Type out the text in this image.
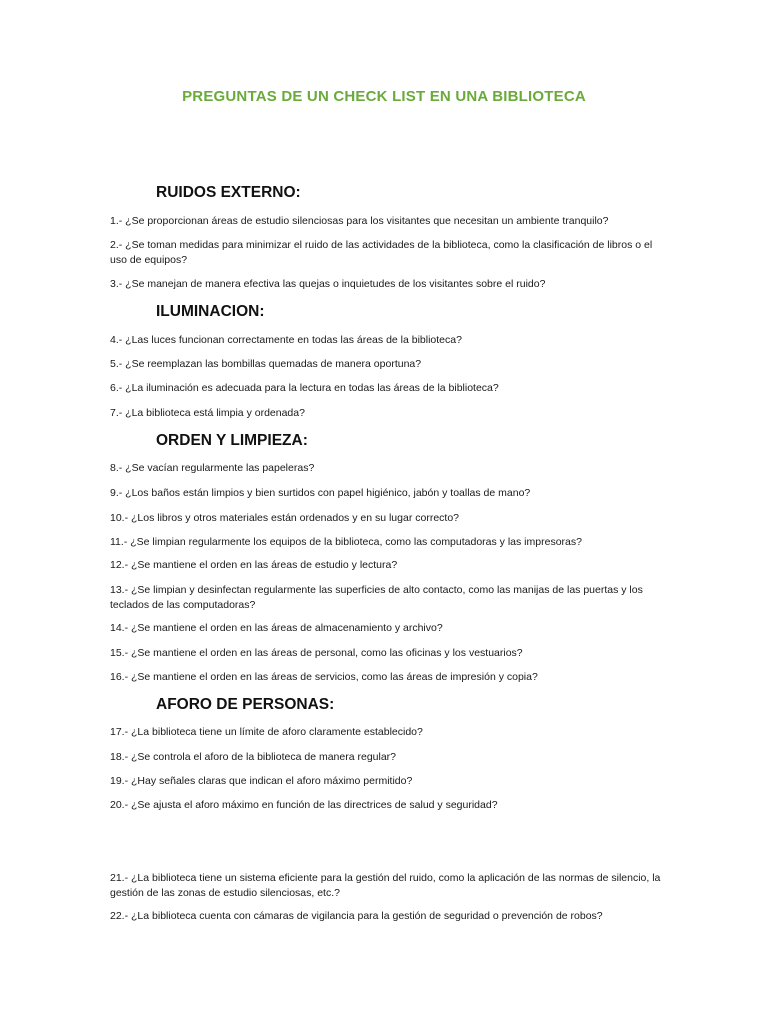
PREGUNTAS DE UN CHECK LIST EN UNA BIBLIOTECA
RUIDOS EXTERNO:
1.- ¿Se proporcionan áreas de estudio silenciosas para los visitantes que necesitan un ambiente tranquilo?
2.- ¿Se toman medidas para minimizar el ruido de las actividades de la biblioteca, como la clasificación de libros o el uso de equipos?
3.- ¿Se manejan de manera efectiva las quejas o inquietudes de los visitantes sobre el ruido?
ILUMINACION:
4.- ¿Las luces funcionan correctamente en todas las áreas de la biblioteca?
5.- ¿Se reemplazan las bombillas quemadas de manera oportuna?
6.- ¿La iluminación es adecuada para la lectura en todas las áreas de la biblioteca?
7.- ¿La biblioteca está limpia y ordenada?
ORDEN Y LIMPIEZA:
8.- ¿Se vacían regularmente las papeleras?
9.- ¿Los baños están limpios y bien surtidos con papel higiénico, jabón y toallas de mano?
10.- ¿Los libros y otros materiales están ordenados y en su lugar correcto?
11.- ¿Se limpian regularmente los equipos de la biblioteca, como las computadoras y las impresoras?
12.- ¿Se mantiene el orden en las áreas de estudio y lectura?
13.- ¿Se limpian y desinfectan regularmente las superficies de alto contacto, como las manijas de las puertas y los teclados de las computadoras?
14.- ¿Se mantiene el orden en las áreas de almacenamiento y archivo?
15.- ¿Se mantiene el orden en las áreas de personal, como las oficinas y los vestuarios?
16.- ¿Se mantiene el orden en las áreas de servicios, como las áreas de impresión y copia?
AFORO DE PERSONAS:
17.- ¿La biblioteca tiene un límite de aforo claramente establecido?
18.- ¿Se controla el aforo de la biblioteca de manera regular?
19.- ¿Hay señales claras que indican el aforo máximo permitido?
20.- ¿Se ajusta el aforo máximo en función de las directrices de salud y seguridad?
21.- ¿La biblioteca tiene un sistema eficiente para la gestión del ruido, como la aplicación de las normas de silencio, la gestión de las zonas de estudio silenciosas, etc.?
22.- ¿La biblioteca cuenta con cámaras de vigilancia para la gestión de seguridad o prevención de robos?
